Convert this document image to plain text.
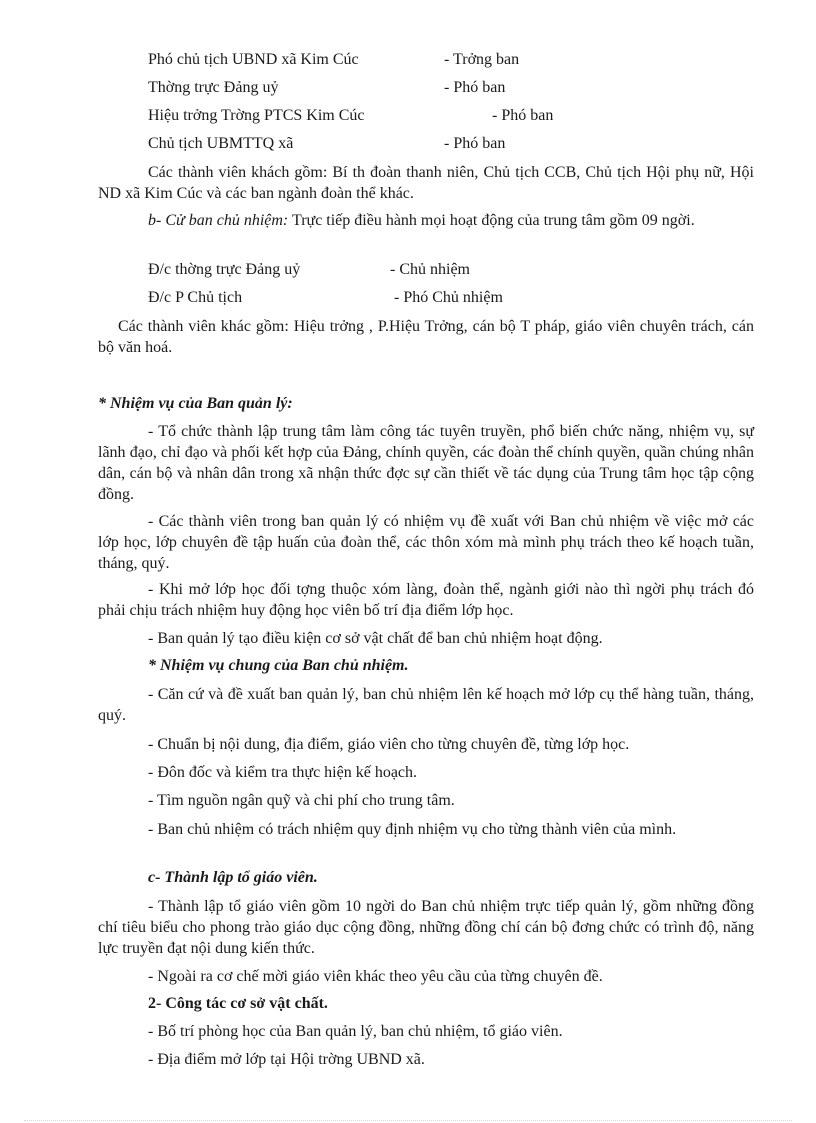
Phó chủ tịch UBND xã Kim Cúc	- Trởng ban
Thờng trực Đảng uỷ	- Phó ban
Hiệu trởng Trờng PTCS Kim Cúc	- Phó ban
Chủ tịch UBMTTQ xã	- Phó ban
Các thành viên khách gồm: Bí th đoàn thanh niên, Chủ tịch CCB, Chủ tịch Hội phụ nữ, Hội ND xã Kim Cúc và các ban ngành đoàn thể khác.
b- Cử ban chủ nhiệm: Trực tiếp điều hành mọi hoạt động của trung tâm gồm 09 ngời.
Đ/c thờng trực Đảng uỷ	- Chủ nhiệm
Đ/c P Chủ tịch	- Phó Chủ nhiệm
Các thành viên khác gồm: Hiệu trởng , P.Hiệu Trởng, cán bộ T pháp, giáo viên chuyên trách, cán bộ văn hoá.
* Nhiệm vụ của Ban quản lý:
- Tổ chức thành lập trung tâm làm công tác tuyên truyền, phổ biến chức năng, nhiệm vụ, sự lãnh đạo, chỉ đạo và phối kết hợp của Đảng, chính quyền, các đoàn thể chính quyền, quần chúng nhân dân, cán bộ và nhân dân trong xã nhận thức đợc sự cần thiết về tác dụng của Trung tâm học tập cộng đồng.
- Các thành viên trong ban quản lý có nhiệm vụ đề xuất với Ban chủ nhiệm về việc mở các lớp học, lớp chuyên đề tập huấn của đoàn thể, các thôn xóm mà mình phụ trách theo kế hoạch tuần, tháng, quý.
- Khi mở lớp học đối tợng thuộc xóm làng, đoàn thể, ngành giới nào thì ngời phụ trách đó phải chịu trách nhiệm huy động học viên bố trí địa điểm lớp học.
- Ban quản lý tạo điều kiện cơ sở vật chất để ban chủ nhiệm hoạt động.
* Nhiệm vụ chung của Ban chủ nhiệm.
- Căn cứ và đề xuất ban quản lý, ban chủ nhiệm lên kế hoạch mở lớp cụ thể hàng tuần, tháng, quý.
- Chuẩn bị nội dung, địa điểm, giáo viên cho từng chuyên đề, từng lớp học.
- Đôn đốc và kiểm tra thực hiện kế hoạch.
- Tìm nguồn ngân quỹ và chi phí cho trung tâm.
- Ban chủ nhiệm có trách nhiệm quy định nhiệm vụ cho từng thành viên của mình.
c- Thành lập tổ giáo viên.
- Thành lập tổ giáo viên gồm 10 ngời do Ban chủ nhiệm trực tiếp quản lý, gồm những đồng chí tiêu biểu cho phong trào giáo dục cộng đồng, những đồng chí cán bộ đơng chức có trình độ, năng lực truyền đạt nội dung kiến thức.
- Ngoài ra cơ chế mời giáo viên khác theo yêu cầu của từng chuyên đề.
2- Công tác cơ sở vật chất.
- Bố trí phòng học của Ban quản lý, ban chủ nhiệm, tổ giáo viên.
- Địa điểm mở lớp tại Hội trờng UBND xã.
